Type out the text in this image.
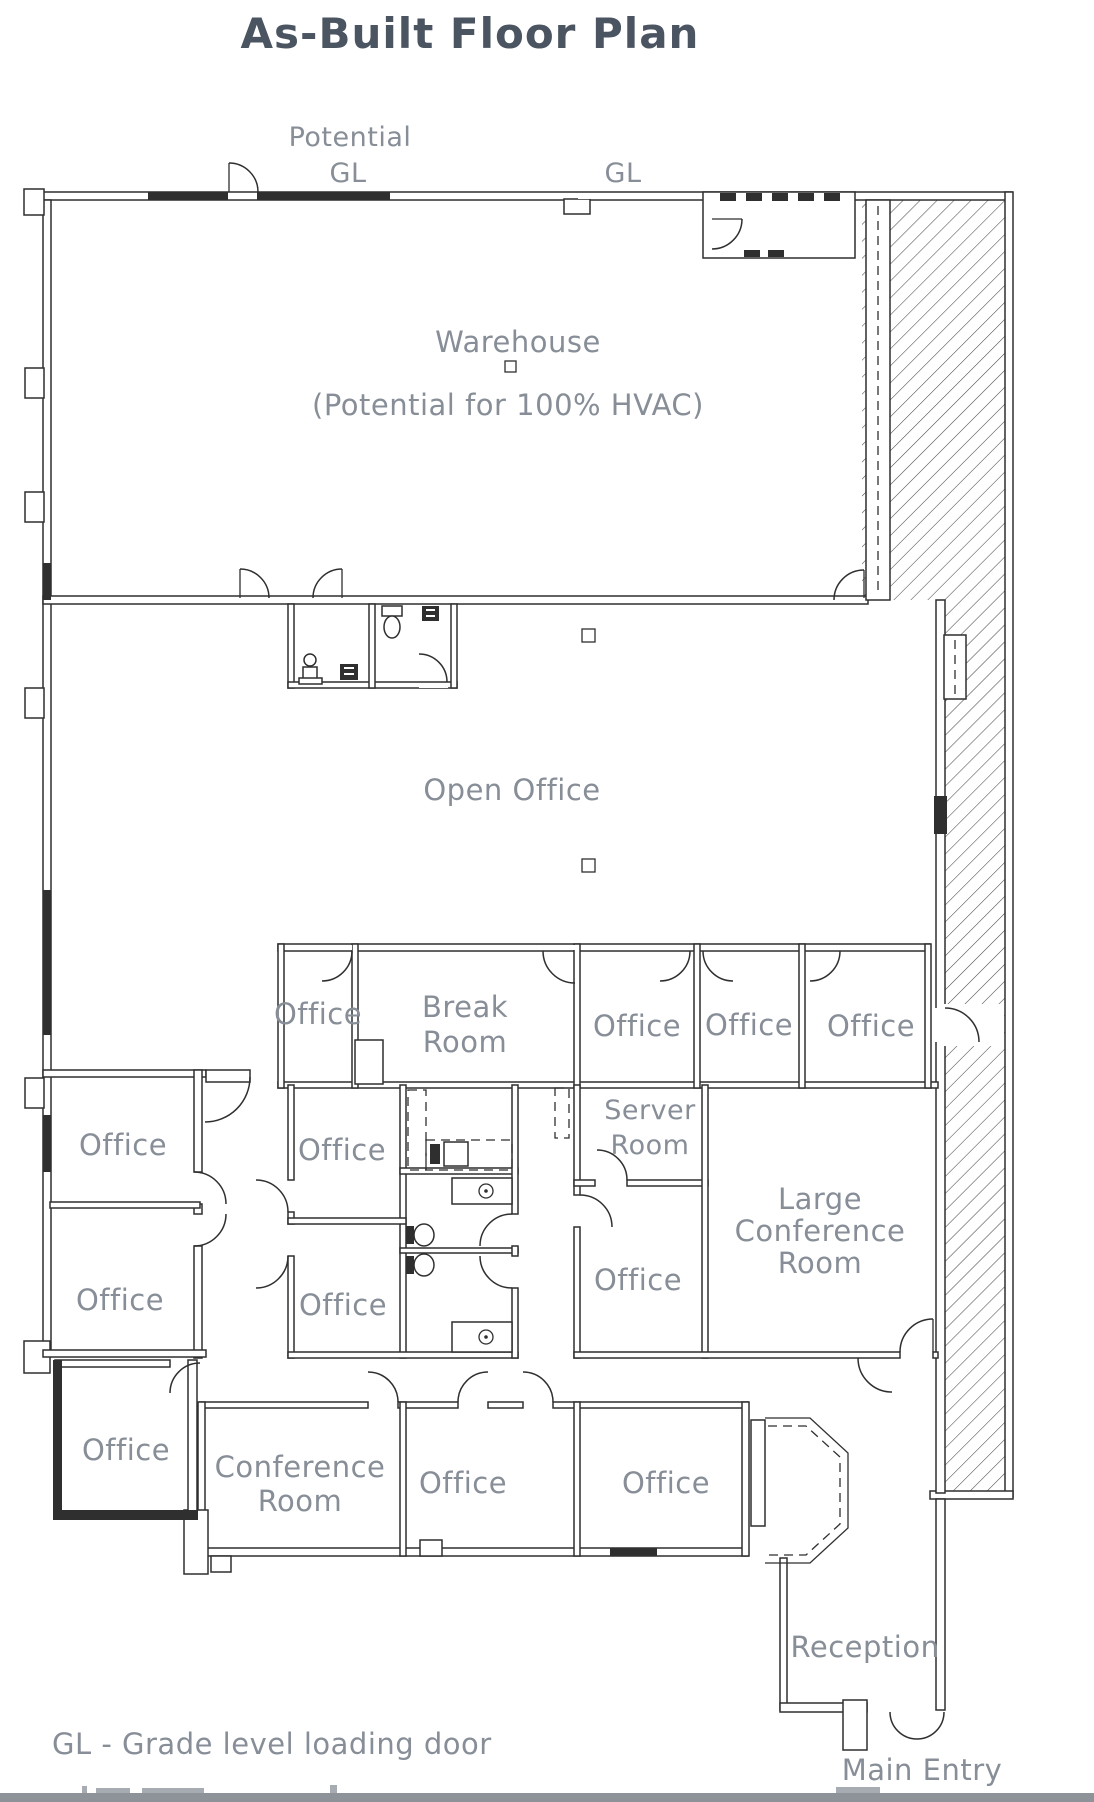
As-Built Floor Plan
Potential
GL	GL
Warehouse
(Potential for 100% HVAC)
Open Office
Office Break
Room	Office Office Office
Server
Room
Office	Office
Office	Office
Office
Large
Conference
Room
Office Conference
Room
Office	Office
Reception
Main Entry
GL - Grade level loading door
